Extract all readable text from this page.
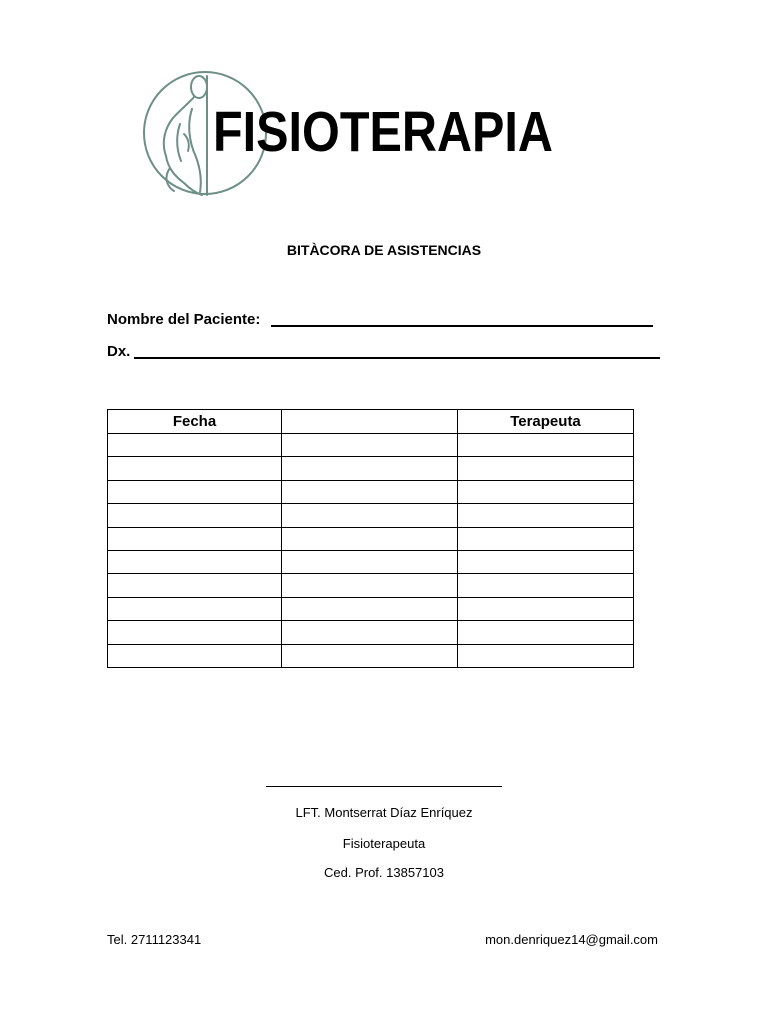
FISIOTERAPIA
BITÀCORA DE ASISTENCIAS
Nombre del Paciente:
Dx.
Fecha		Terapeuta

LFT. Montserrat Díaz Enríquez
Fisioterapeuta
Ced. Prof. 13857103
Tel. 2711123341	mon.denriquez14@gmail.com
